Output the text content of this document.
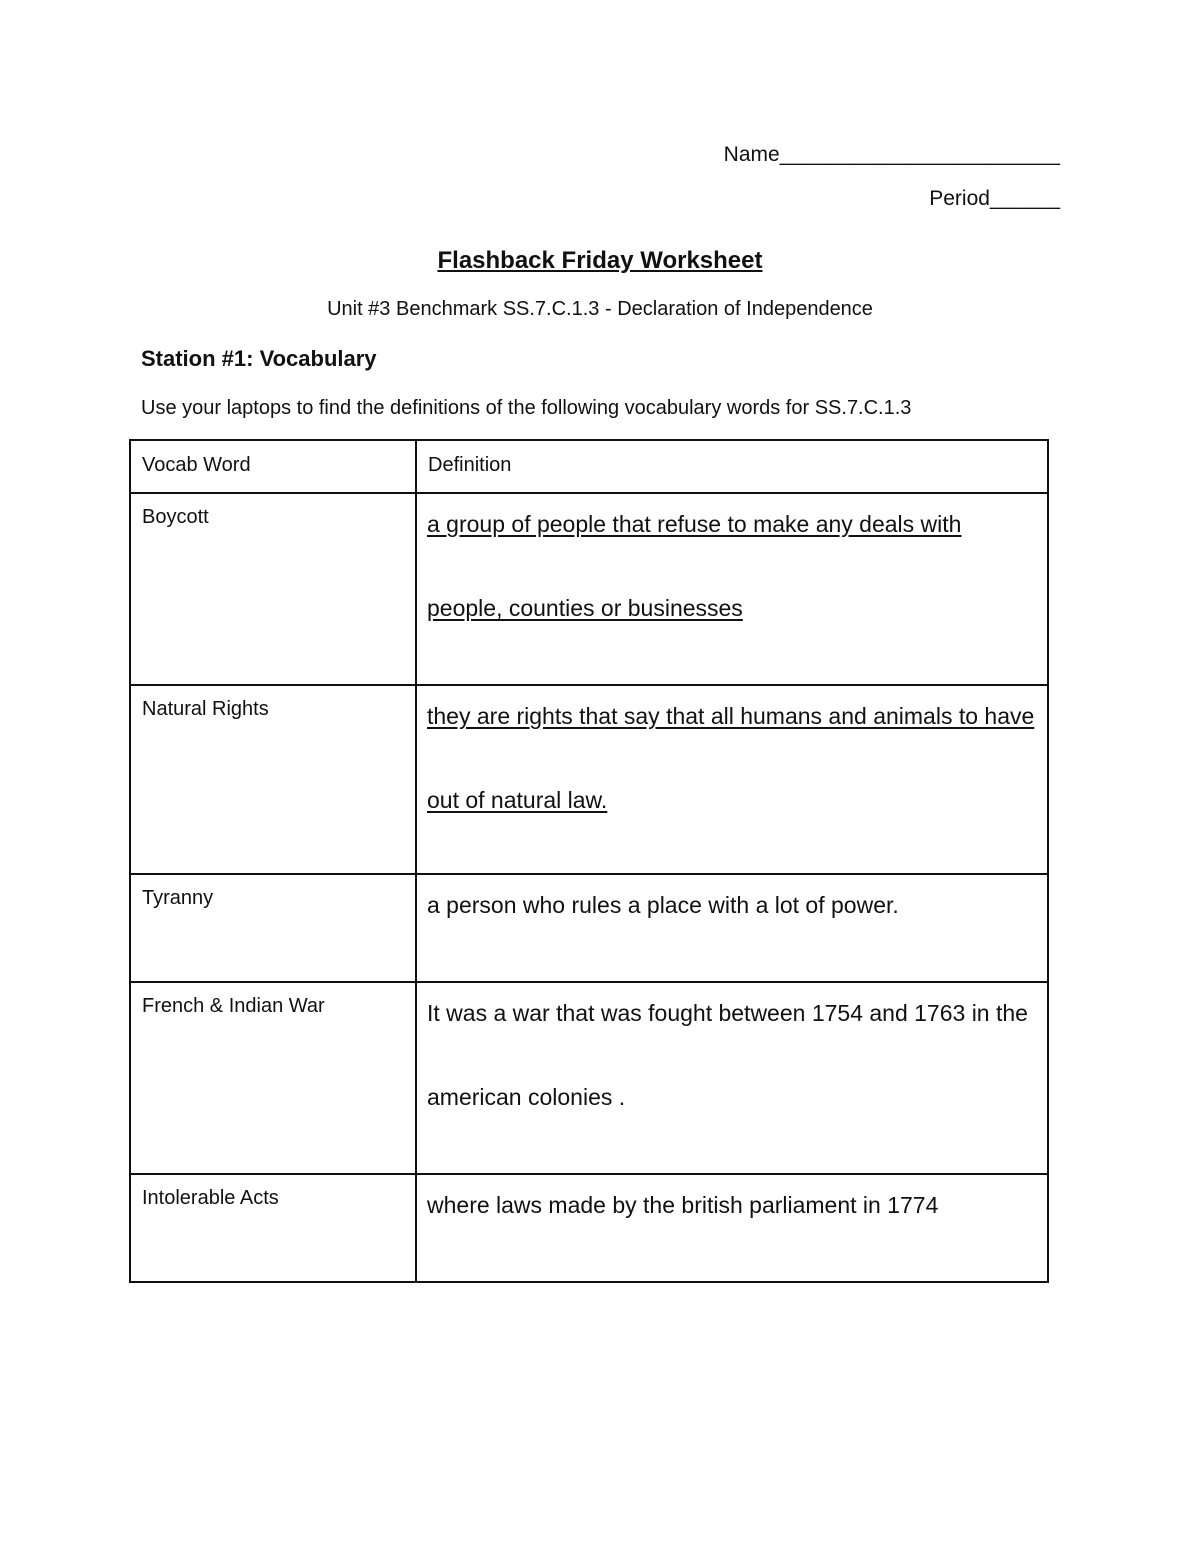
Name________________________
Period______
Flashback Friday Worksheet
Unit #3 Benchmark SS.7.C.1.3 - Declaration of Independence
Station #1: Vocabulary
Use your laptops to find the definitions of the following vocabulary words for SS.7.C.1.3
Vocab Word	Definition
Boycott	a group of people that refuse to make any deals with people, counties or businesses

Natural Rights	they are rights that say that all humans and animals to have out of natural law.

Tyranny	a person who rules a place with a lot of power.

French & Indian War	It was a war that was fought between 1754 and 1763 in the american colonies .

Intolerable Acts	where laws made by the british parliament in 1774
